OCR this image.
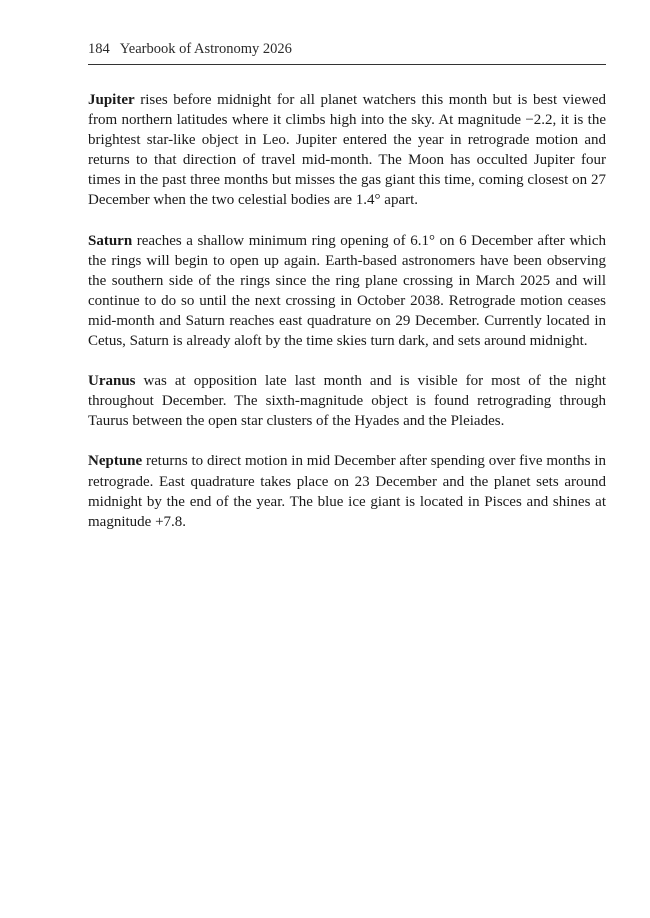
184 Yearbook of Astronomy 2026

Jupiter rises before midnight for all planet watchers this month but is best viewed from northern latitudes where it climbs high into the sky. At magnitude −2.2, it is the brightest star-like object in Leo. Jupiter entered the year in retrograde motion and returns to that direction of travel mid-month. The Moon has occulted Jupiter four times in the past three months but misses the gas giant this time, coming closest on 27 December when the two celestial bodies are 1.4° apart.

Saturn reaches a shallow minimum ring opening of 6.1° on 6 December after which the rings will begin to open up again. Earth-based astronomers have been observing the southern side of the rings since the ring plane crossing in March 2025 and will continue to do so until the next crossing in October 2038. Retrograde motion ceases mid-month and Saturn reaches east quadrature on 29 December. Currently located in Cetus, Saturn is already aloft by the time skies turn dark, and sets around midnight.

Uranus was at opposition late last month and is visible for most of the night throughout December. The sixth-magnitude object is found retrograding through Taurus between the open star clusters of the Hyades and the Pleiades.

Neptune returns to direct motion in mid December after spending over five months in retrograde. East quadrature takes place on 23 December and the planet sets around midnight by the end of the year. The blue ice giant is located in Pisces and shines at magnitude +7.8.
